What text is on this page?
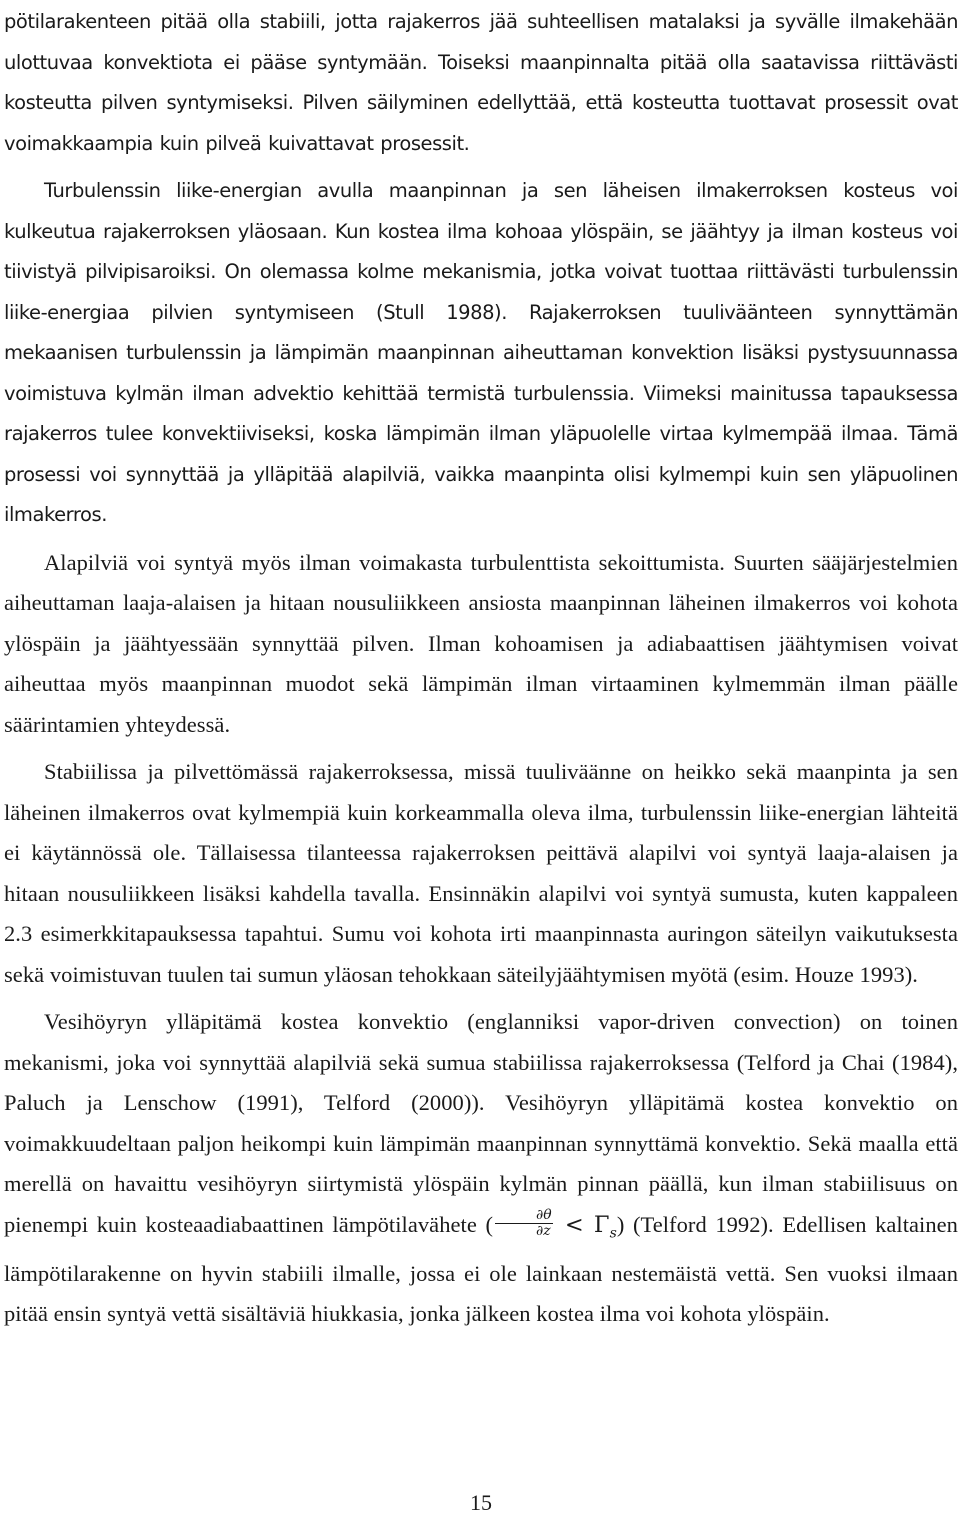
pötilarakenteen pitää olla stabiili, jotta rajakerros jää suhteellisen matalaksi ja syvälle ilmakehään ulottuvaa konvektiota ei pääse syntymään. Toiseksi maanpinnalta pitää olla saatavissa riittävästi kosteutta pilven syntymiseksi. Pilven säilyminen edellyttää, että kosteutta tuottavat prosessit ovat voimakkaampia kuin pilveä kuivattavat prosessit.

Turbulenssin liike-energian avulla maanpinnan ja sen läheisen ilmakerroksen kosteus voi kulkeutua rajakerroksen yläosaan. Kun kostea ilma kohoaa ylöspäin, se jäähtyy ja ilman kosteus voi tiivistyä pilvipisaroiksi. On olemassa kolme mekanismia, jotka voivat tuottaa riittävästi turbulenssin liike-energiaa pilvien syntymiseen (Stull 1988). Rajakerroksen tuuliväänteen synnyttämän mekaanisen turbulenssin ja lämpimän maanpinnan aiheuttaman konvektion lisäksi pystysuunnassa voimistuva kylmän ilman advektio kehittää termistä turbulenssia. Viimeksi mainitussa tapauksessa rajakerros tulee konvektiiviseksi, koska lämpimän ilman yläpuolelle virtaa kylmempää ilmaa. Tämä prosessi voi synnyttää ja ylläpitää alapilviä, vaikka maanpinta olisi kylmempi kuin sen yläpuolinen ilmakerros.

Alapilviä voi syntyä myös ilman voimakasta turbulenttista sekoittumista. Suurten sääjärjestelmien aiheuttaman laaja-alaisen ja hitaan nousuliikkeen ansiosta maanpinnan läheinen ilmakerros voi kohota ylöspäin ja jäähtyessään synnyttää pilven. Ilman kohoamisen ja adiabaattisen jäähtymisen voivat aiheuttaa myös maanpinnan muodot sekä lämpimän ilman virtaaminen kylmemmän ilman päälle säärintamien yhteydessä.

Stabiilissa ja pilvettömässä rajakerroksessa, missä tuuliväänne on heikko sekä maanpinta ja sen läheinen ilmakerros ovat kylmempiä kuin korkeammalla oleva ilma, turbulenssin liike-energian lähteitä ei käytännössä ole. Tällaisessa tilanteessa rajakerroksen peittävä alapilvi voi syntyä laaja-alaisen ja hitaan nousuliikkeen lisäksi kahdella tavalla. Ensinnäkin alapilvi voi syntyä sumusta, kuten kappaleen 2.3 esimerkkitapauksessa tapahtui. Sumu voi kohota irti maanpinnasta auringon säteilyn vaikutuksesta sekä voimistuvan tuulen tai sumun yläosan tehokkaan säteilyjäähtymisen myötä (esim. Houze 1993).

Vesihöyryn ylläpitämä kostea konvektio (englanniksi vapor-driven convection) on toinen mekanismi, joka voi synnyttää alapilviä sekä sumua stabiilissa rajakerroksessa (Telford ja Chai (1984), Paluch ja Lenschow (1991), Telford (2000)). Vesihöyryn ylläpitämä kostea konvektio on voimakkuudeltaan paljon heikompi kuin lämpimän maanpinnan synnyttämä konvektio. Sekä maalla että merellä on havaittu vesihöyryn siirtymistä ylöspäin kylmän pinnan päällä, kun ilman stabiilisuus on pienempi kuin kosteaadiabaattinen lämpötilavähete ( $\frac{\partial\theta}{\partial z} < \Gamma_s$) (Telford 1992). Edellisen kaltainen lämpötilarakenne on hyvin stabiili ilmalle, jossa ei ole lainkaan nestemäistä vettä. Sen vuoksi ilmaan pitää ensin syntyä vettä sisältäviä hiukkasia, jonka jälkeen kostea ilma voi kohota ylöspäin.

15
